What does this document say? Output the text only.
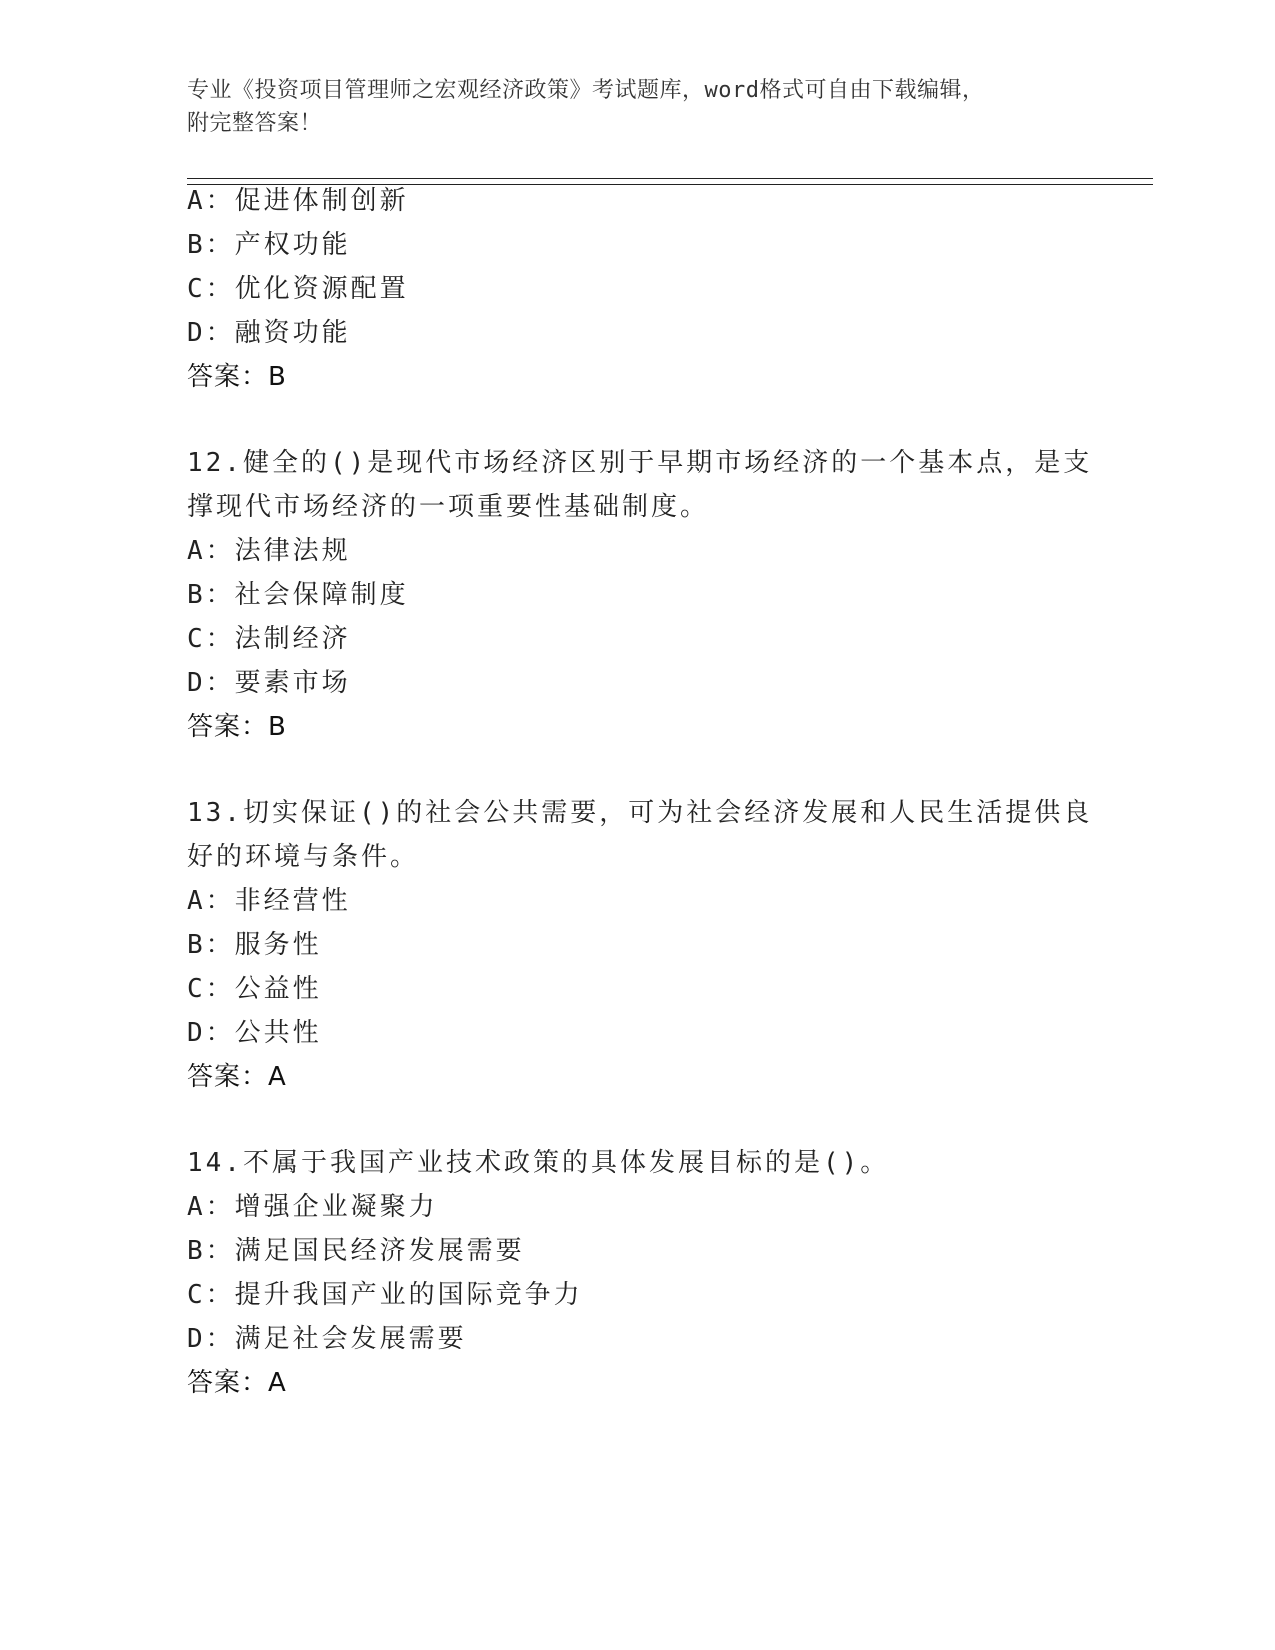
专业《投资项目管理师之宏观经济政策》考试题库，word格式可自由下载编辑，
附完整答案！
A：促进体制创新
B：产权功能
C：优化资源配置
D：融资功能
答案：B
12.健全的()是现代市场经济区别于早期市场经济的一个基本点，是支
撑现代市场经济的一项重要性基础制度。
A：法律法规
B：社会保障制度
C：法制经济
D：要素市场
答案：B
13.切实保证()的社会公共需要，可为社会经济发展和人民生活提供良
好的环境与条件。
A：非经营性
B：服务性
C：公益性
D：公共性
答案：A
14.不属于我国产业技术政策的具体发展目标的是()。
A：增强企业凝聚力
B：满足国民经济发展需要
C：提升我国产业的国际竞争力
D：满足社会发展需要
答案：A
